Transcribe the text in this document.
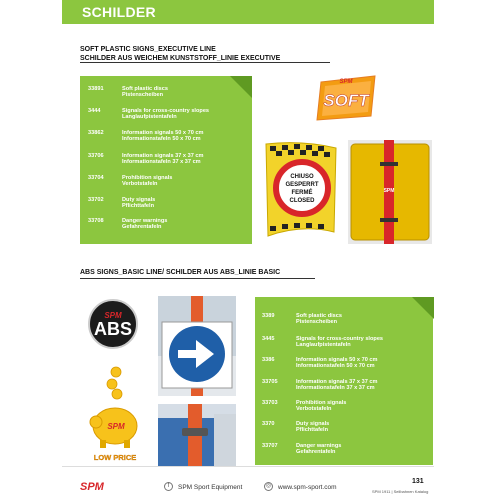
SCHILDER
SOFT PLASTIC SIGNS_EXECUTIVE LINE
SCHILDER AUS WEICHEM KUNSTSTOFF_LINIE EXECUTIVE
33891	Soft plastic discs
Pistenscheiben
3444	Signals for cross-country slopes
Langlaufpistentafeln
33862	Information signals 50 x 70 cm
Informationstafeln 50 x 70 cm
33706	Information signals 37 x 37 cm
Informationstafeln 37 x 37 cm
33704	Prohibition signals
Verbotstafeln
33702	Duty signals
Pflichttafeln
33708	Danger warnings
Gefahrentafeln
SPM
SOFT
CHIUSO
GESPERRT
FERMÉ
CLOSED
SPM
ABS SIGNS_BASIC LINE/ SCHILDER AUS ABS_LINIE BASIC
SPM
ABS
SPM
LOW PRICE
3389	Soft plastic discs
Pistenscheiben
3445	Signals for cross-country slopes
Langlaufpistentafeln
3386	Information signals 50 x 70 cm
Informationstafeln 50 x 70 cm
33705	Information signals 37 x 37 cm
Informationstafeln 37 x 37 cm
33703	Prohibition signals
Verbotstafeln
3370	Duty signals
Pflichttafeln
33707	Danger warnings
Gefahrentafeln
SPM	f	SPM Sport Equipment	◎ www.spm-sport.com
131
SPM 1911 | Seilbahnen Katalog
